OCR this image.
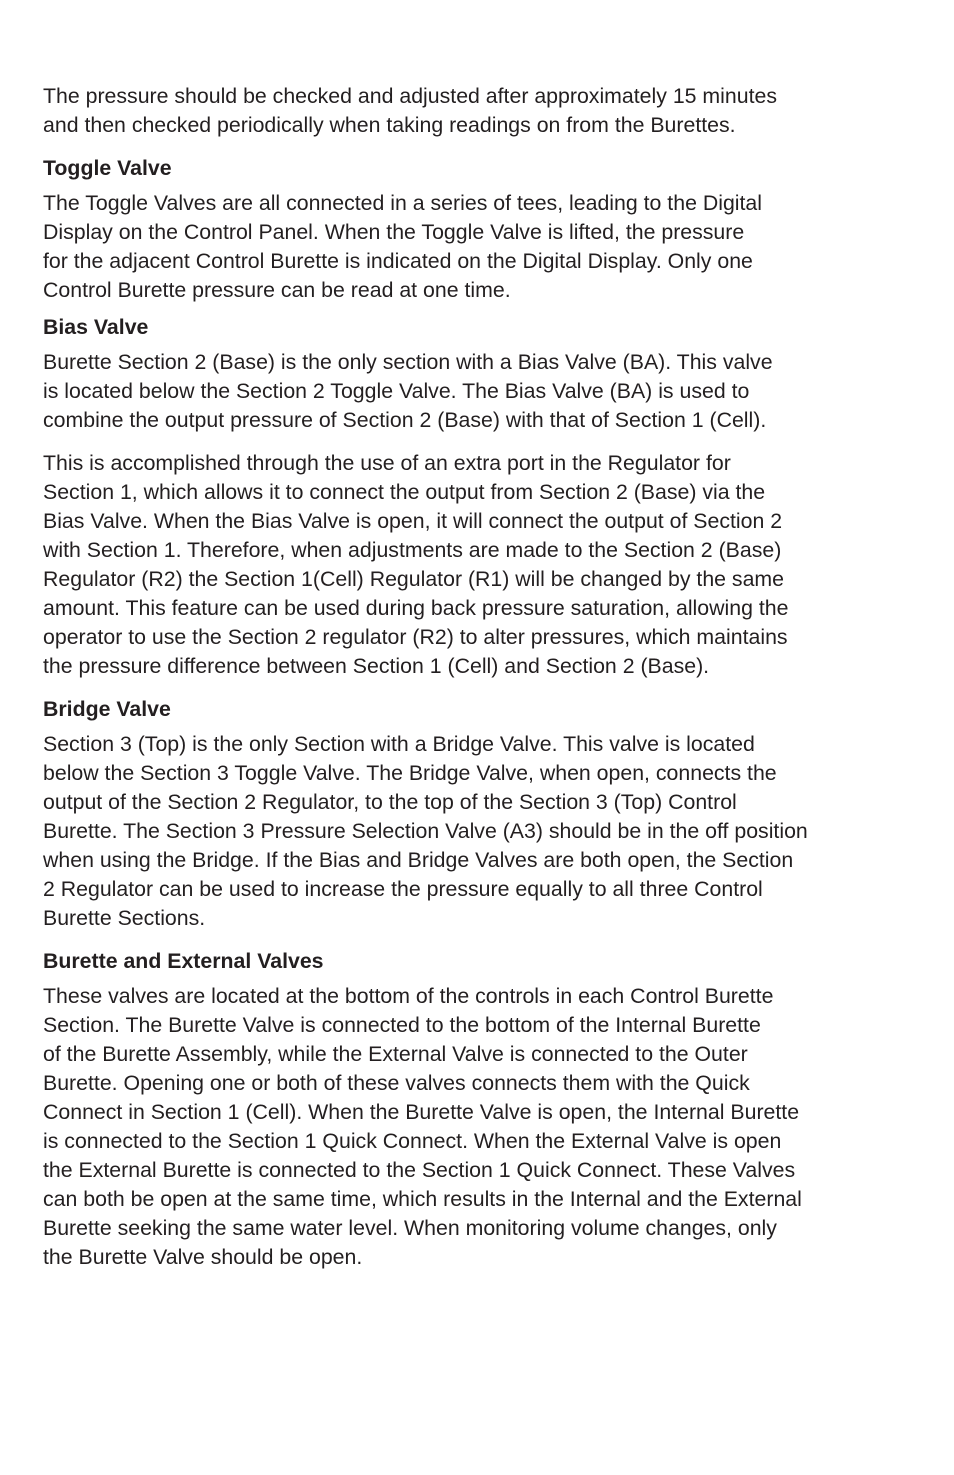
The pressure should be checked and adjusted after approximately 15 minutes
and then checked periodically when taking readings on from the Burettes.

Toggle Valve

The Toggle Valves are all connected in a series of tees, leading to the Digital
Display on the Control Panel. When the Toggle Valve is lifted, the pressure
for the adjacent Control Burette is indicated on the Digital Display. Only one
Control Burette pressure can be read at one time.

Bias Valve

Burette Section 2 (Base) is the only section with a Bias Valve (BA). This valve
is located below the Section 2 Toggle Valve. The Bias Valve (BA) is used to
combine the output pressure of Section 2 (Base) with that of Section 1 (Cell).

This is accomplished through the use of an extra port in the Regulator for
Section 1, which allows it to connect the output from Section 2 (Base) via the
Bias Valve. When the Bias Valve is open, it will connect the output of Section 2
with Section 1. Therefore, when adjustments are made to the Section 2 (Base)
Regulator (R2) the Section 1(Cell) Regulator (R1) will be changed by the same
amount. This feature can be used during back pressure saturation, allowing the
operator to use the Section 2 regulator (R2) to alter pressures, which maintains
the pressure difference between Section 1 (Cell) and Section 2 (Base).

Bridge Valve

Section 3 (Top) is the only Section with a Bridge Valve. This valve is located
below the Section 3 Toggle Valve. The Bridge Valve, when open, connects the
output of the Section 2 Regulator, to the top of the Section 3 (Top) Control
Burette. The Section 3 Pressure Selection Valve (A3) should be in the off position
when using the Bridge. If the Bias and Bridge Valves are both open, the Section
2 Regulator can be used to increase the pressure equally to all three Control
Burette Sections.

Burette and External Valves

These valves are located at the bottom of the controls in each Control Burette
Section. The Burette Valve is connected to the bottom of the Internal Burette
of the Burette Assembly, while the External Valve is connected to the Outer
Burette. Opening one or both of these valves connects them with the Quick
Connect in Section 1 (Cell). When the Burette Valve is open, the Internal Burette
is connected to the Section 1 Quick Connect. When the External Valve is open
the External Burette is connected to the Section 1 Quick Connect. These Valves
can both be open at the same time, which results in the Internal and the External
Burette seeking the same water level. When monitoring volume changes, only
the Burette Valve should be open.
